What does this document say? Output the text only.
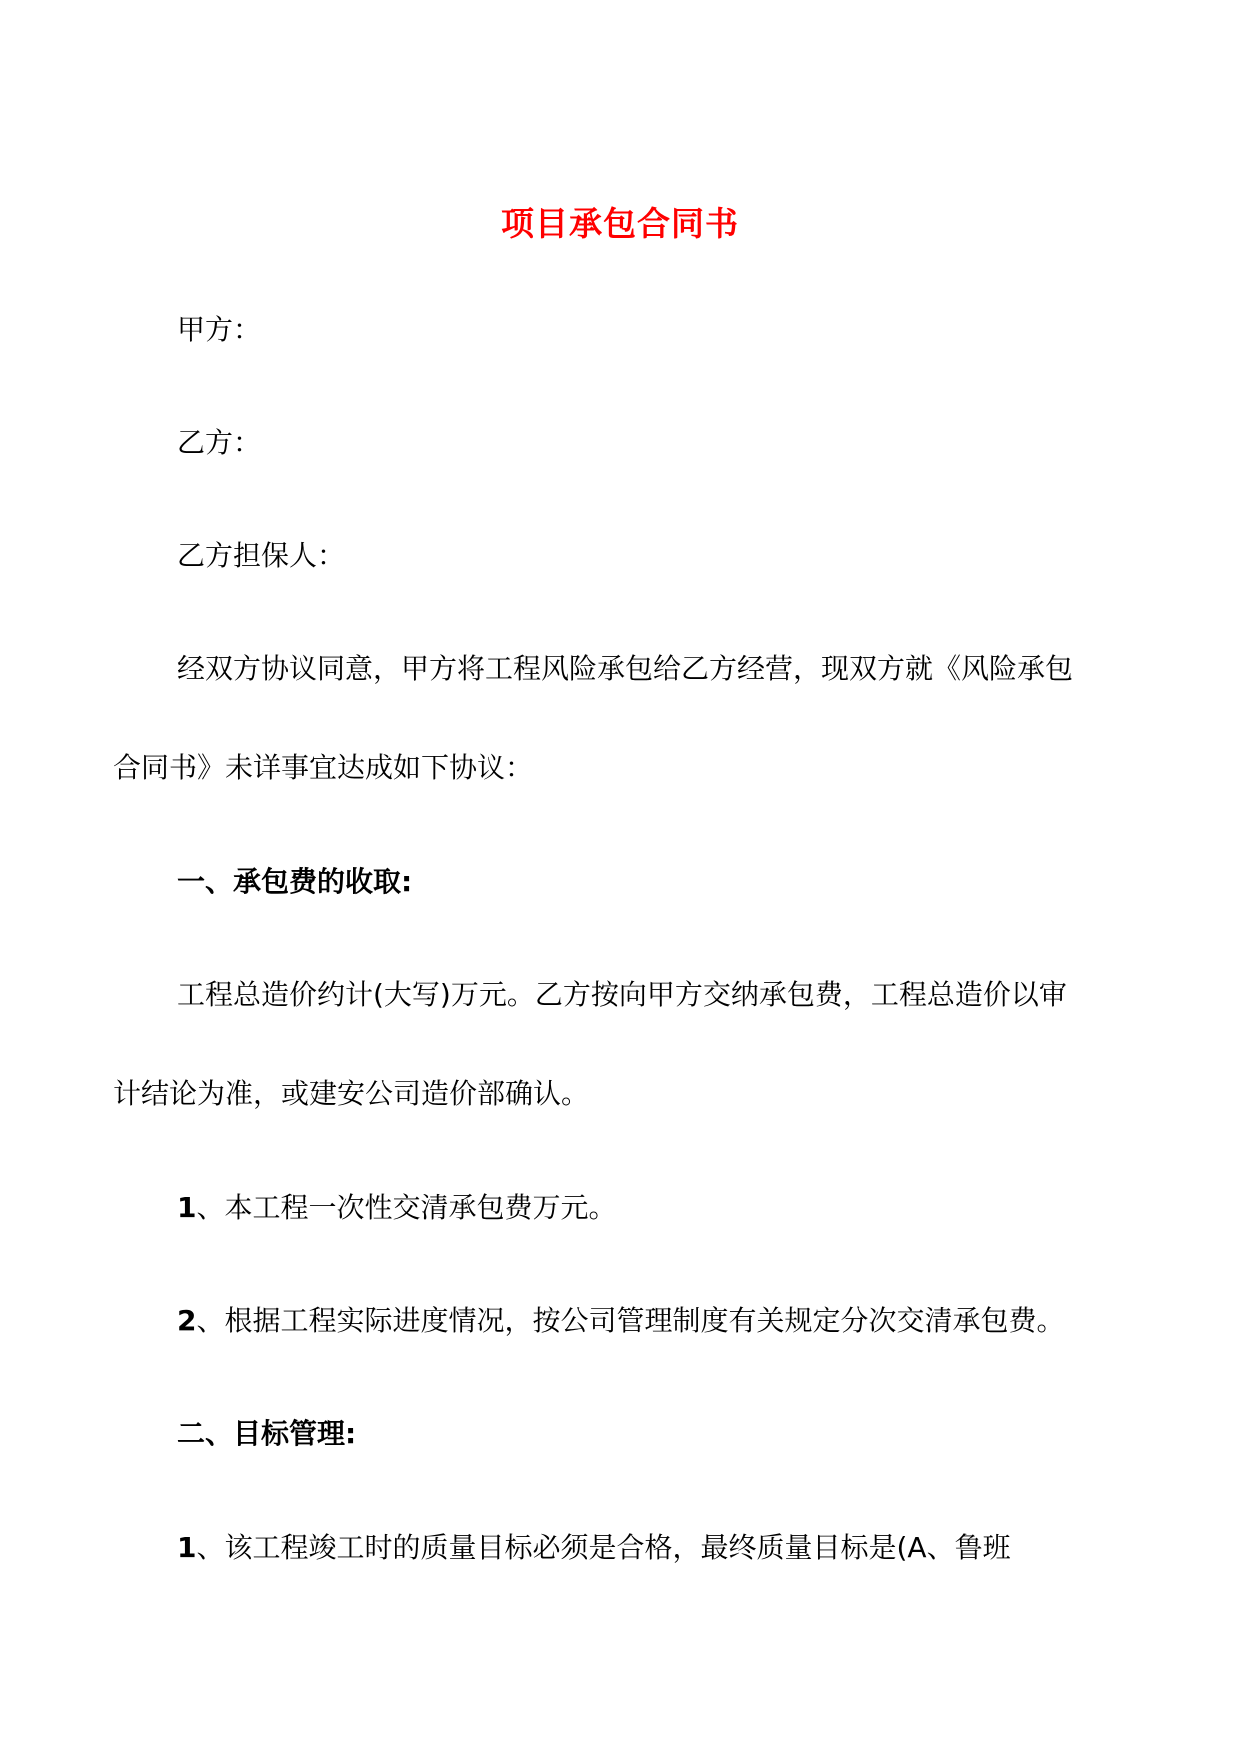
项目承包合同书
甲方：
乙方：
乙方担保人：
经双方协议同意，甲方将工程风险承包给乙方经营，现双方就《风险承包
合同书》未详事宜达成如下协议：
一、承包费的收取:
工程总造价约计(大写)万元。乙方按向甲方交纳承包费，工程总造价以审
计结论为准，或建安公司造价部确认。
1、本工程一次性交清承包费万元。
2、根据工程实际进度情况，按公司管理制度有关规定分次交清承包费。
二、目标管理:
1、该工程竣工时的质量目标必须是合格，最终质量目标是(A、鲁班
